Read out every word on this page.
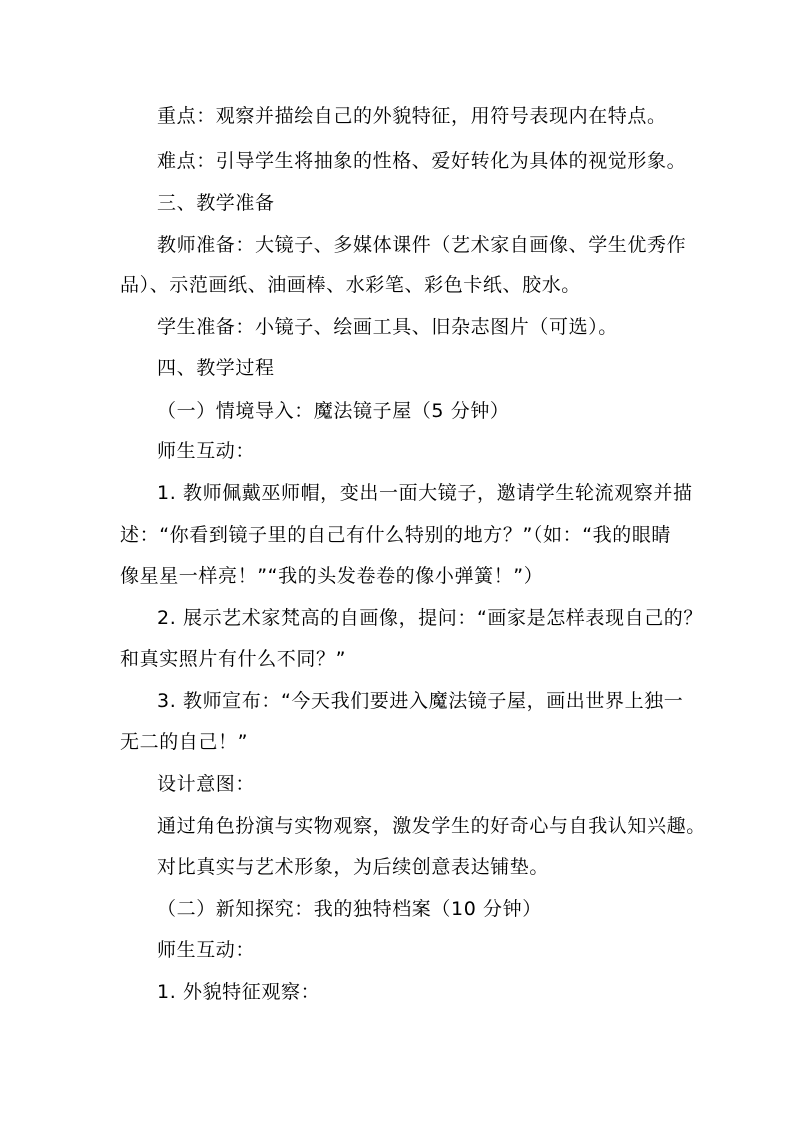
重点：观察并描绘自己的外貌特征，用符号表现内在特点。
难点：引导学生将抽象的性格、爱好转化为具体的视觉形象。
三、教学准备
教师准备：大镜子、多媒体课件（艺术家自画像、学生优秀作
品）、示范画纸、油画棒、水彩笔、彩色卡纸、胶水。
学生准备：小镜子、绘画工具、旧杂志图片（可选）。
四、教学过程
（一）情境导入：魔法镜子屋（5 分钟）
师生互动：
1. 教师佩戴巫师帽，变出一面大镜子，邀请学生轮流观察并描
述：“你看到镜子里的自己有什么特别的地方？”（如：“我的眼睛
像星星一样亮！”“我的头发卷卷的像小弹簧！”）
2. 展示艺术家梵高的自画像，提问：“画家是怎样表现自己的？
和真实照片有什么不同？”
3. 教师宣布：“今天我们要进入魔法镜子屋，画出世界上独一
无二的自己！”
设计意图：
通过角色扮演与实物观察，激发学生的好奇心与自我认知兴趣。
对比真实与艺术形象，为后续创意表达铺垫。
（二）新知探究：我的独特档案（10 分钟）
师生互动：
1. 外貌特征观察：
